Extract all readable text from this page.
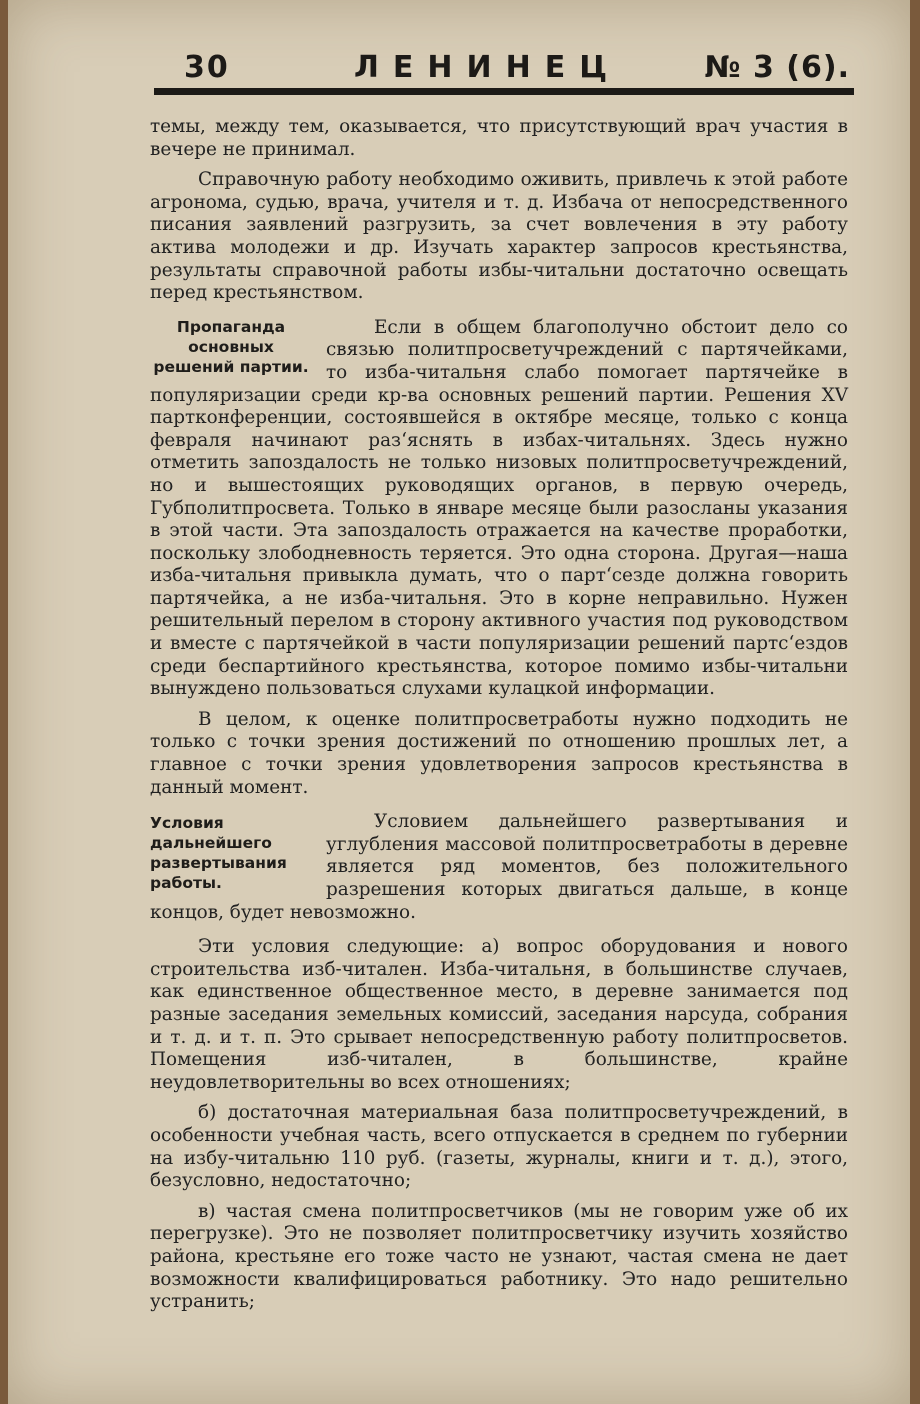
30	ЛЕНИНЕЦ	№ 3 (6).

темы, между тем, оказывается, что присутствующий врач участия в вечере не принимал.

Справочную работу необходимо оживить, привлечь к этой работе агронома, судью, врача, учителя и т. д. Избача от непосредственного писания заявлений разгрузить, за счет вовлечения в эту работу актива молодежи и др. Изучать характер запросов крестьянства, результаты справочной работы избы-читальни достаточно освещать перед крестьянством.

Пропаганда основных решений партии.

Если в общем благополучно обстоит дело со связью политпросветучреждений с партячейками, то изба-читальня слабо помогает партячейке в популяризации среди кр-ва основных решений партии. Решения XV партконференции, состоявшейся в октябре месяце, только с конца февраля начинают раз‘яснять в избах-читальнях. Здесь нужно отметить запоздалость не только низовых политпросветучреждений, но и вышестоящих руководящих органов, в первую очередь, Губполитпросвета. Только в январе месяце были разосланы указания в этой части. Эта запоздалость отражается на качестве проработки, поскольку злободневность теряется. Это одна сторона. Другая—наша изба-читальня привыкла думать, что о парт‘сезде должна говорить партячейка, а не изба-читальня. Это в корне неправильно. Нужен решительный перелом в сторону активного участия под руководством и вместе с партячейкой в части популяризации решений партс‘ездов среди беспартийного крестьянства, которое помимо избы-читальни вынуждено пользоваться слухами кулацкой информации.

В целом, к оценке политпросветработы нужно подходить не только с точки зрения достижений по отношению прошлых лет, а главное с точки зрения удовлетворения запросов крестьянства в данный момент.

Условия дальнейшего развертывания работы.

Условием дальнейшего развертывания и углубления массовой политпросветработы в деревне является ряд моментов, без положительного разрешения которых двигаться дальше, в конце концов, будет невозможно.

Эти условия следующие: а) вопрос оборудования и нового строительства изб-читален. Изба-читальня, в большинстве случаев, как единственное общественное место, в деревне занимается под разные заседания земельных комиссий, заседания нарсуда, собрания и т. д. и т. п. Это срывает непосредственную работу политпросветов. Помещения изб-читален, в большинстве, крайне неудовлетворительны во всех отношениях;

б) достаточная материальная база политпросветучреждений, в особенности учебная часть, всего отпускается в среднем по губернии на избу-читальню 110 руб. (газеты, журналы, книги и т. д.), этого, безусловно, недостаточно;

в) частая смена политпросветчиков (мы не говорим уже об их перегрузке). Это не позволяет политпросветчику изучить хозяйство района, крестьяне его тоже часто не узнают, частая смена не дает возможности квалифицироваться работнику. Это надо решительно устранить;
